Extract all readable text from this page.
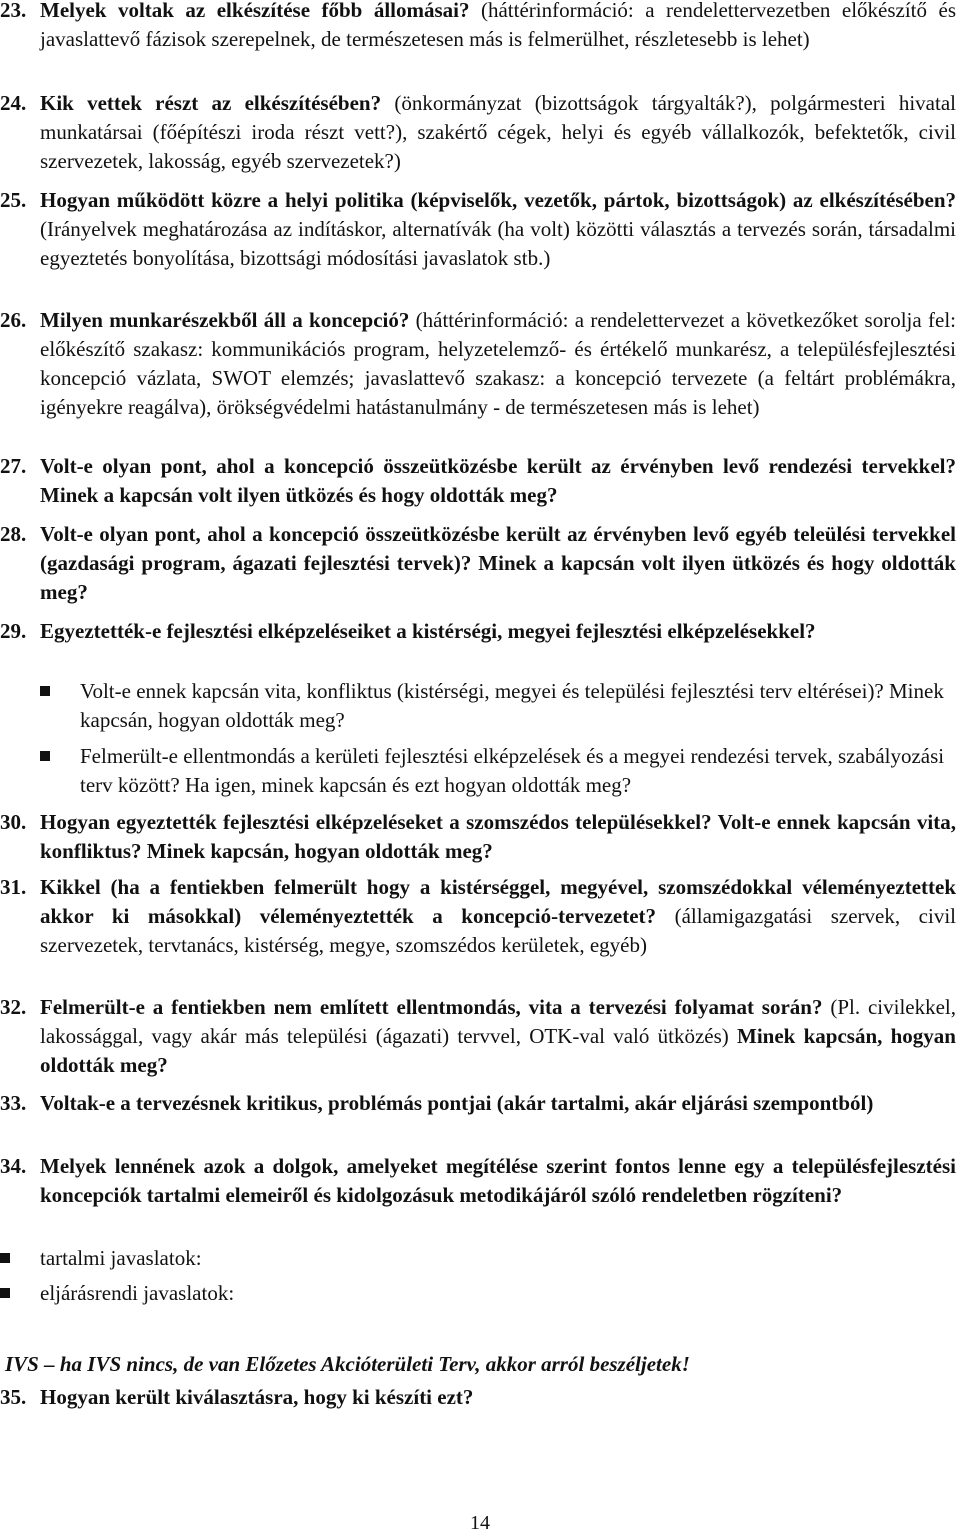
23. Melyek voltak az elkészítése főbb állomásai? (háttérinformáció: a rendelettervezetben előkészítő és javaslattevő fázisok szerepelnek, de természetesen más is felmerülhet, részletesebb is lehet)
24. Kik vettek részt az elkészítésében? (önkormányzat (bizottságok tárgyalták?), polgármesteri hivatal munkatársai (főépítészi iroda részt vett?), szakértő cégek, helyi és egyéb vállalkozók, befektetők, civil szervezetek, lakosság, egyéb szervezetek?)
25. Hogyan működött közre a helyi politika (képviselők, vezetők, pártok, bizottságok) az elkészítésében? (Irányelvek meghatározása az indításkor, alternatívák (ha volt) közötti választás a tervezés során, társadalmi egyeztetés bonyolítása, bizottsági módosítási javaslatok stb.)
26. Milyen munkarészekből áll a koncepció? (háttérinformáció: a rendelettervezet a következőket sorolja fel: előkészítő szakasz: kommunikációs program, helyzetelemző- és értékelő munkarész, a településfejlesztési koncepció vázlata, SWOT elemzés; javaslattevő szakasz: a koncepció tervezete (a feltárt problémákra, igényekre reagálva), örökségvédelmi hatástanulmány - de természetesen más is lehet)
27. Volt-e olyan pont, ahol a koncepció összeütközésbe került az érvényben levő rendezési tervekkel? Minek a kapcsán volt ilyen ütközés és hogy oldották meg?
28. Volt-e olyan pont, ahol a koncepció összeütközésbe került az érvényben levő egyéb teleülési tervekkel (gazdasági program, ágazati fejlesztési tervek)? Minek a kapcsán volt ilyen ütközés és hogy oldották meg?
29. Egyeztették-e fejlesztési elképzeléseiket a kistérségi, megyei fejlesztési elképzelésekkel?
Volt-e ennek kapcsán vita, konfliktus (kistérségi, megyei és települési fejlesztési terv eltérései)? Minek kapcsán, hogyan oldották meg?
Felmerült-e ellentmondás a kerületi fejlesztési elképzelések és a megyei rendezési tervek, szabályozási terv között? Ha igen, minek kapcsán és ezt hogyan oldották meg?
30. Hogyan egyeztették fejlesztési elképzeléseket a szomszédos településekkel? Volt-e ennek kapcsán vita, konfliktus? Minek kapcsán, hogyan oldották meg?
31. Kikkel (ha a fentiekben felmerült hogy a kistérséggel, megyével, szomszédokkal véleményeztettek akkor ki másokkal) véleményeztették a koncepció-tervezetet? (államigazgatási szervek, civil szervezetek, tervtanács, kistérség, megye, szomszédos kerületek, egyéb)
32. Felmerült-e a fentiekben nem említett ellentmondás, vita a tervezési folyamat során? (Pl. civilekkel, lakossággal, vagy akár más települési (ágazati) tervvel, OTK-val való ütközés) Minek kapcsán, hogyan oldották meg?
33. Voltak-e a tervezésnek kritikus, problémás pontjai (akár tartalmi, akár eljárási szempontból)
34. Melyek lennének azok a dolgok, amelyeket megítélése szerint fontos lenne egy a településfejlesztési koncepciók tartalmi elemeiről és kidolgozásuk metodikájáról szóló rendeletben rögzíteni?
tartalmi javaslatok:
eljárásrendi javaslatok:
IVS – ha IVS nincs, de van Előzetes Akcióterületi Terv, akkor arról beszéljetek!
35. Hogyan került kiválasztásra, hogy ki készíti ezt?
14
